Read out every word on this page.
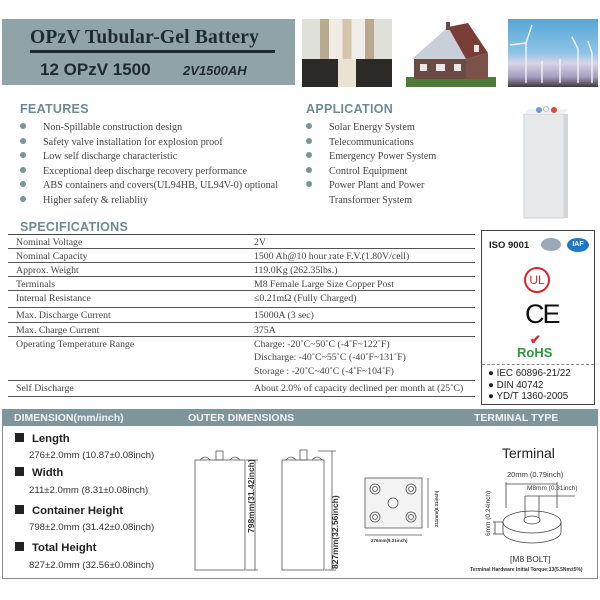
OPzV Tubular-Gel Battery
12 OPzV 1500 2V1500AH
FEATURES
Non-Spillable construction design
Safety valve installation for explosion proof
Low self discharge characteristic
Exceptional deep discharge recovery performance
ABS containers and covers(UL94HB, UL94V-0) optional
Higher safety & reliablity
APPLICATION
Solar Energy System
Telecommunications
Emergency Power System
Control Equipment
Power Plant and Power
Transformer System
SPECIFICATIONS
Nominal Voltage	2V
Nominal Capacity	1500 Ah@10 hour rate F.V.(1.80V/cell)
Approx. Weight	119.0Kg (262.35lbs.)
Terminals	M8 Female Large Size Copper Post
Internal Resistance	≤0.21mΩ (Fully Charged)
Max. Discharge Current	15000A (3 sec)
Max. Charge Current	375A
Operating Temperature Range	Charge: -20˚C~50˚C (-4˚F~122˚F)
Discharge: -40˚C~55˚C (-40˚F~131˚F)
Storage : -20˚C~40˚C (-4˚F~104˚F)
Self Discharge	About 2.0% of capacity declined per month at (25˚C)
ISO 9001	IAF
UL
CE
✔
RoHS
● IEC 60896-21/22
● DIN 40742
● YD/T 1360-2005
DIMENSION(mm/inch)	OUTER DIMENSIONS	TERMINAL TYPE
Length
276±2.0mm (10.87±0.08inch)
Width
211±2.0mm (8.31±0.08inch)
Container Height
798±2.0mm (31.42±0.08inch)
Total Height
827±2.0mm (32.56±0.08inch)
798mm(31.42inch)	827mm(32.56inch)	211mm(8.31inch)
276mm(9.21inch)
Terminal
20mm (0.79inch)
M8mm (0.31inch)
6mm (0.24inch)
[M8 BOLT]
Terminal Hardware Initial Torque:13(5.5Nm±5%)
